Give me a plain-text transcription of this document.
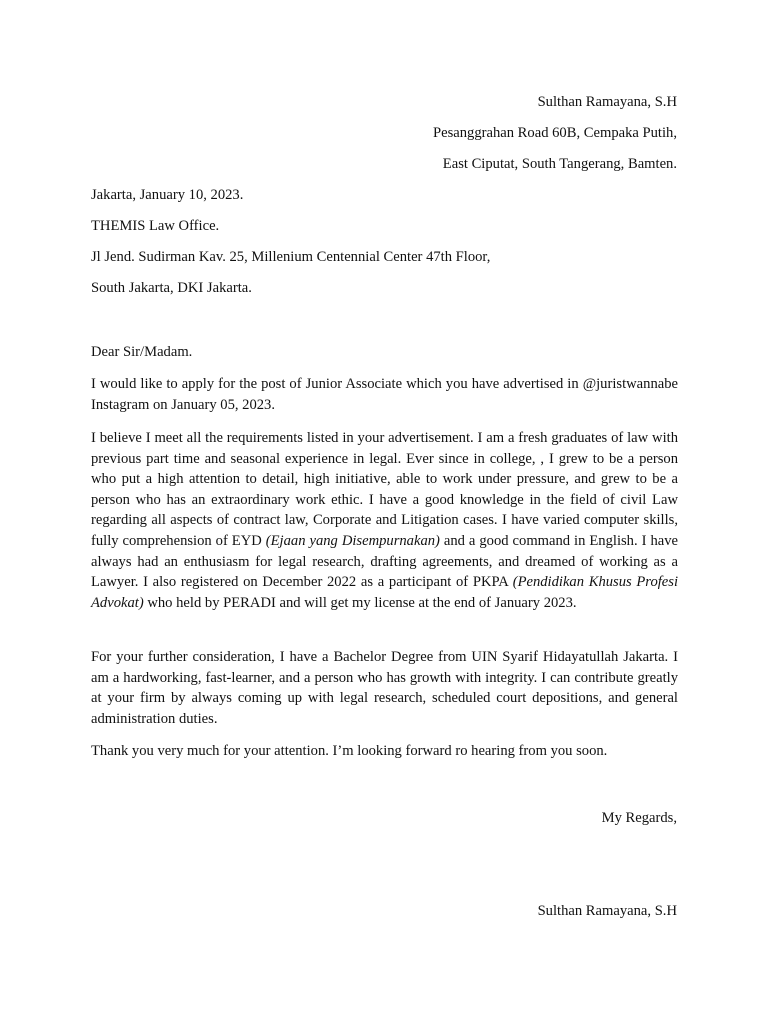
Sulthan Ramayana, S.H
Pesanggrahan Road 60B, Cempaka Putih,
East Ciputat, South Tangerang, Bamten.
Jakarta, January 10, 2023.
THEMIS Law Office.
Jl Jend. Sudirman Kav. 25, Millenium Centennial Center 47th Floor,
South Jakarta, DKI Jakarta.
Dear Sir/Madam.
I would like to apply for the post of Junior Associate which you have advertised in @juristwannabe Instagram on January 05, 2023.
I believe I meet all the requirements listed in your advertisement. I am a fresh graduates of law with previous part time and seasonal experience in legal. Ever since in college, , I grew to be a person who put a high attention to detail, high initiative, able to work under pressure, and grew to be a person who has an extraordinary work ethic. I have a good knowledge in the field of civil Law regarding all aspects of contract law, Corporate and Litigation cases. I have varied computer skills, fully comprehension of EYD (Ejaan yang Disempurnakan) and a good command in English. I have always had an enthusiasm for legal research, drafting agreements, and dreamed of working as a Lawyer. I also registered on December 2022 as a participant of PKPA (Pendidikan Khusus Profesi Advokat) who held by PERADI and will get my license at the end of January 2023.
For your further consideration, I have a Bachelor Degree from UIN Syarif Hidayatullah Jakarta. I am a hardworking, fast-learner, and a person who has growth with integrity. I can contribute greatly at your firm by always coming up with legal research, scheduled court depositions, and general administration duties.
Thank you very much for your attention. I’m looking forward ro hearing from you soon.
My Regards,
Sulthan Ramayana, S.H
